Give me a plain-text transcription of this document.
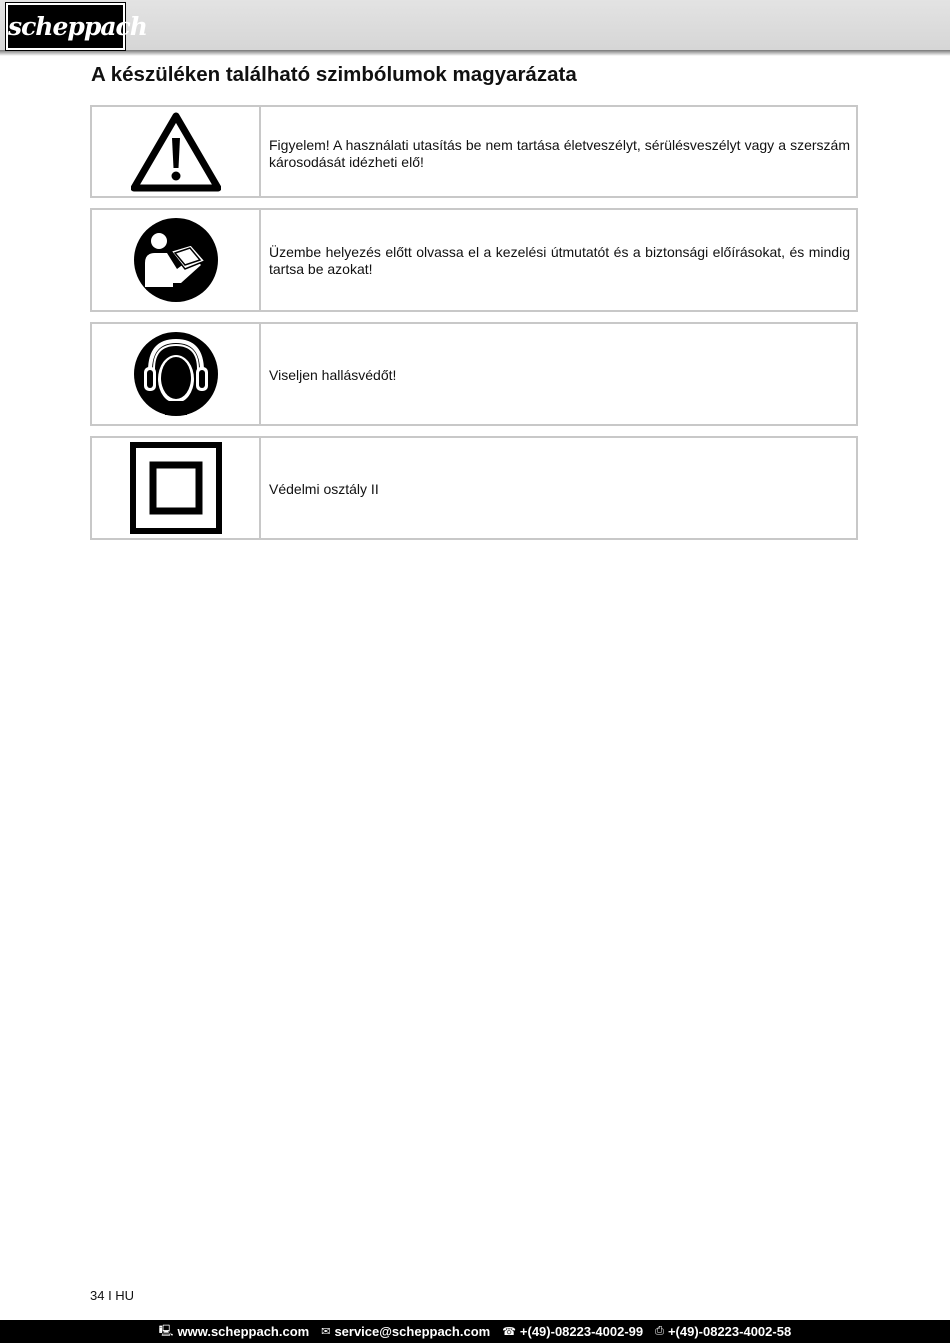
scheppach
A készüléken található szimbólumok magyarázata
Figyelem! A használati utasítás be nem tartása életveszélyt, sérülésveszélyt vagy a szerszám károsodását idézheti elő!
Üzembe helyezés előtt olvassa el a kezelési útmutatót és a biztonsági előírásokat, és mindig tartsa be azokat!
Viseljen hallásvédőt!
Védelmi osztály II
34 I HU
🖳 www.scheppach.com ✉ service@scheppach.com ☎ +(49)-08223-4002-99 ⎙ +(49)-08223-4002-58
